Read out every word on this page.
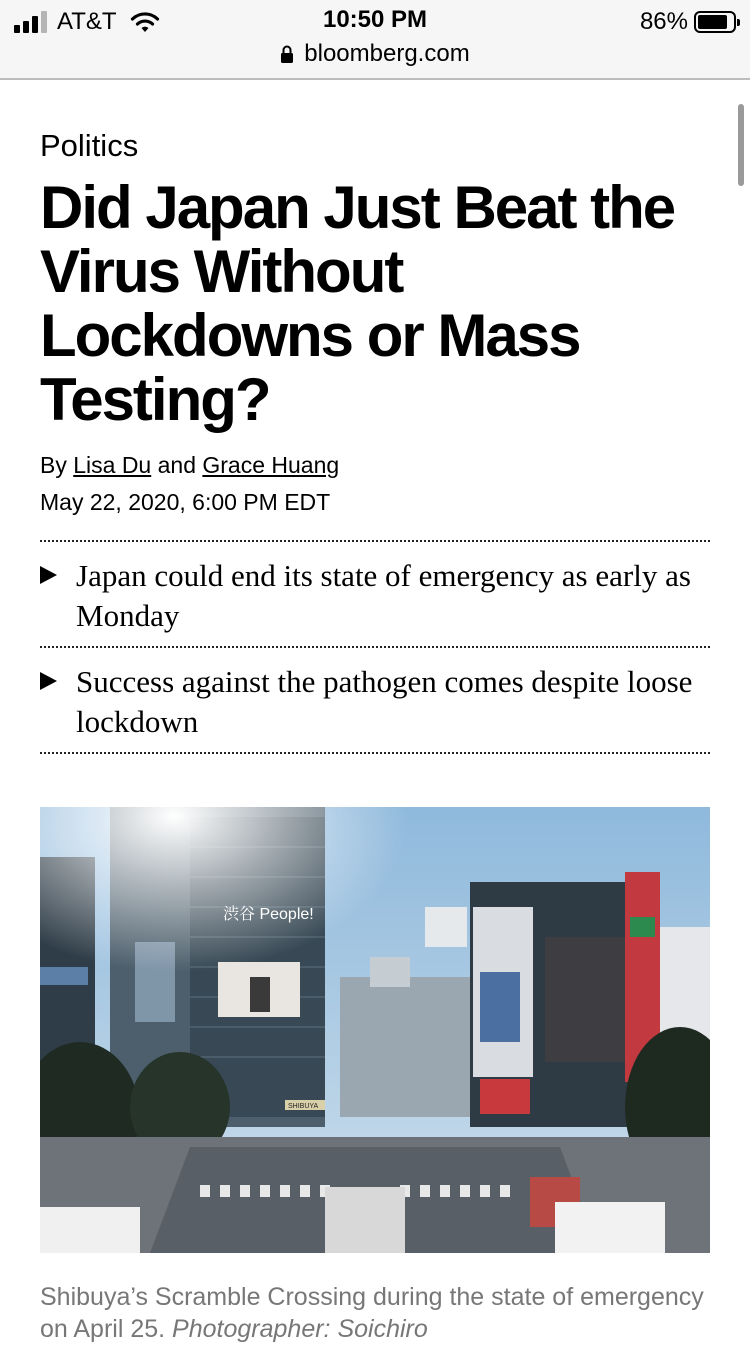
AT&T	10:50 PM
bloomberg.com
86%
Politics
Did Japan Just Beat the Virus Without Lockdowns or Mass Testing?
By Lisa Du and Grace Huang
May 22, 2020, 6:00 PM EDT
Japan could end its state of emergency as early as Monday
Success against the pathogen comes despite loose lockdown
Shibuya’s Scramble Crossing during the state of emergency on April 25. Photographer: Soichiro
